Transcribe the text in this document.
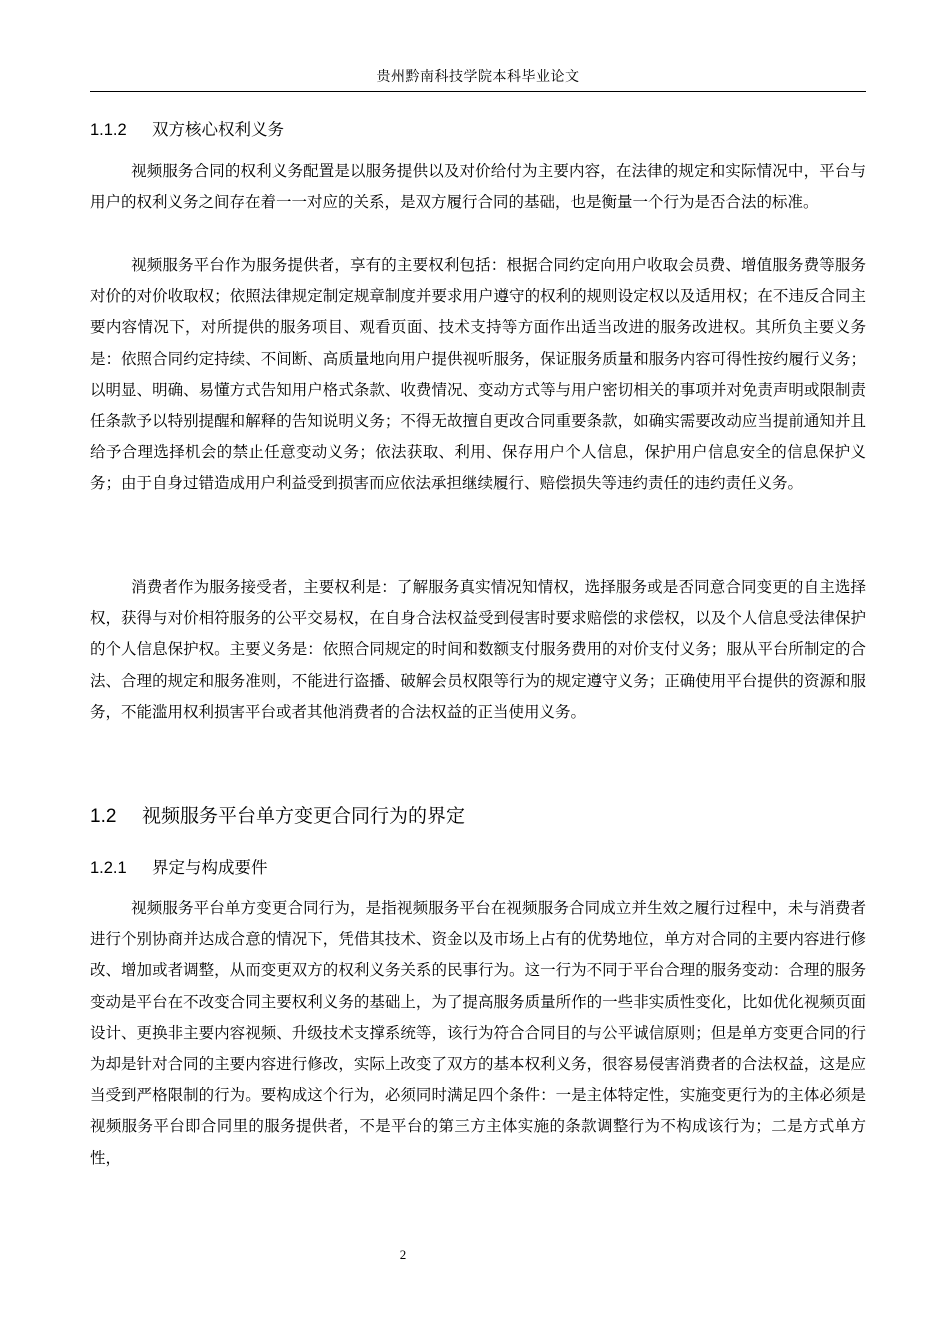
贵州黔南科技学院本科毕业论文
1.1.2 双方核心权利义务

视频服务合同的权利义务配置是以服务提供以及对价给付为主要内容，在法律的规定和实际情况中，平台与用户的权利义务之间存在着一一对应的关系，是双方履行合同的基础，也是衡量一个行为是否合法的标准。

视频服务平台作为服务提供者，享有的主要权利包括：根据合同约定向用户收取会员费、增值服务费等服务对价的对价收取权；依照法律规定制定规章制度并要求用户遵守的权利的规则设定权以及适用权；在不违反合同主要内容情况下，对所提供的服务项目、观看页面、技术支持等方面作出适当改进的服务改进权。其所负主要义务是：依照合同约定持续、不间断、高质量地向用户提供视听服务，保证服务质量和服务内容可得性按约履行义务；以明显、明确、易懂方式告知用户格式条款、收费情况、变动方式等与用户密切相关的事项并对免责声明或限制责任条款予以特别提醒和解释的告知说明义务；不得无故擅自更改合同重要条款，如确实需要改动应当提前通知并且给予合理选择机会的禁止任意变动义务；依法获取、利用、保存用户个人信息，保护用户信息安全的信息保护义务；由于自身过错造成用户利益受到损害而应依法承担继续履行、赔偿损失等违约责任的违约责任义务。

消费者作为服务接受者，主要权利是：了解服务真实情况知情权，选择服务或是否同意合同变更的自主选择权，获得与对价相符服务的公平交易权，在自身合法权益受到侵害时要求赔偿的求偿权，以及个人信息受法律保护的个人信息保护权。主要义务是：依照合同规定的时间和数额支付服务费用的对价支付义务；服从平台所制定的合法、合理的规定和服务准则，不能进行盗播、破解会员权限等行为的规定遵守义务；正确使用平台提供的资源和服务，不能滥用权利损害平台或者其他消费者的合法权益的正当使用义务。

1.2 视频服务平台单方变更合同行为的界定
1.2.1 界定与构成要件

视频服务平台单方变更合同行为，是指视频服务平台在视频服务合同成立并生效之履行过程中，未与消费者进行个别协商并达成合意的情况下，凭借其技术、资金以及市场上占有的优势地位，单方对合同的主要内容进行修改、增加或者调整，从而变更双方的权利义务关系的民事行为。这一行为不同于平台合理的服务变动：合理的服务变动是平台在不改变合同主要权利义务的基础上，为了提高服务质量所作的一些非实质性变化，比如优化视频页面设计、更换非主要内容视频、升级技术支撑系统等，该行为符合合同目的与公平诚信原则；但是单方变更合同的行为却是针对合同的主要内容进行修改，实际上改变了双方的基本权利义务，很容易侵害消费者的合法权益，这是应当受到严格限制的行为。要构成这个行为，必须同时满足四个条件：一是主体特定性，实施变更行为的主体必须是视频服务平台即合同里的服务提供者，不是平台的第三方主体实施的条款调整行为不构成该行为；二是方式单方性，

2
